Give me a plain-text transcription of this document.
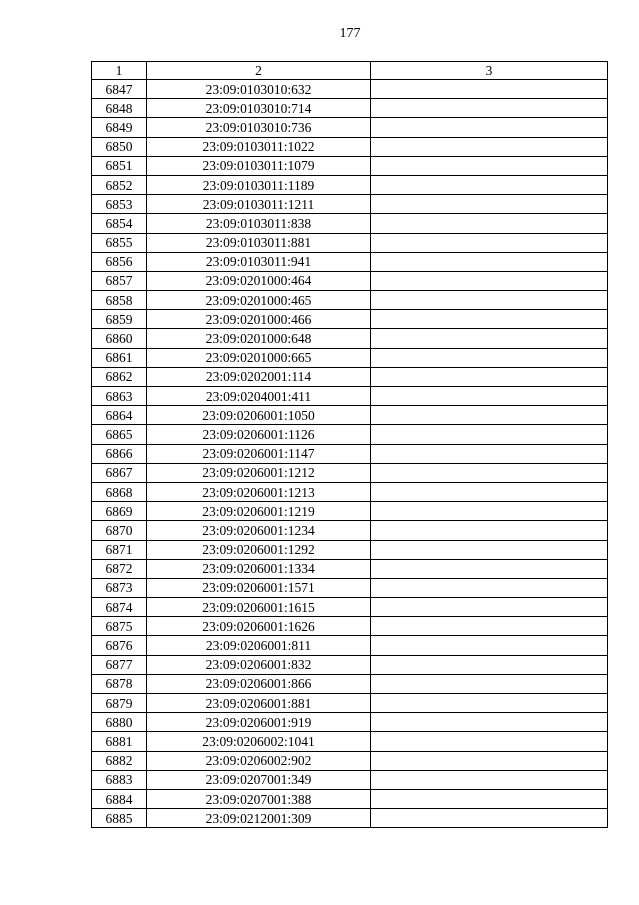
177
1	2	3
6847	23:09:0103010:632	
6848	23:09:0103010:714	
6849	23:09:0103010:736	
6850	23:09:0103011:1022	
6851	23:09:0103011:1079	
6852	23:09:0103011:1189	
6853	23:09:0103011:1211	
6854	23:09:0103011:838	
6855	23:09:0103011:881	
6856	23:09:0103011:941	
6857	23:09:0201000:464	
6858	23:09:0201000:465	
6859	23:09:0201000:466	
6860	23:09:0201000:648	
6861	23:09:0201000:665	
6862	23:09:0202001:114	
6863	23:09:0204001:411	
6864	23:09:0206001:1050	
6865	23:09:0206001:1126	
6866	23:09:0206001:1147	
6867	23:09:0206001:1212	
6868	23:09:0206001:1213	
6869	23:09:0206001:1219	
6870	23:09:0206001:1234	
6871	23:09:0206001:1292	
6872	23:09:0206001:1334	
6873	23:09:0206001:1571	
6874	23:09:0206001:1615	
6875	23:09:0206001:1626	
6876	23:09:0206001:811	
6877	23:09:0206001:832	
6878	23:09:0206001:866	
6879	23:09:0206001:881	
6880	23:09:0206001:919	
6881	23:09:0206002:1041	
6882	23:09:0206002:902	
6883	23:09:0207001:349	
6884	23:09:0207001:388	
6885	23:09:0212001:309	
